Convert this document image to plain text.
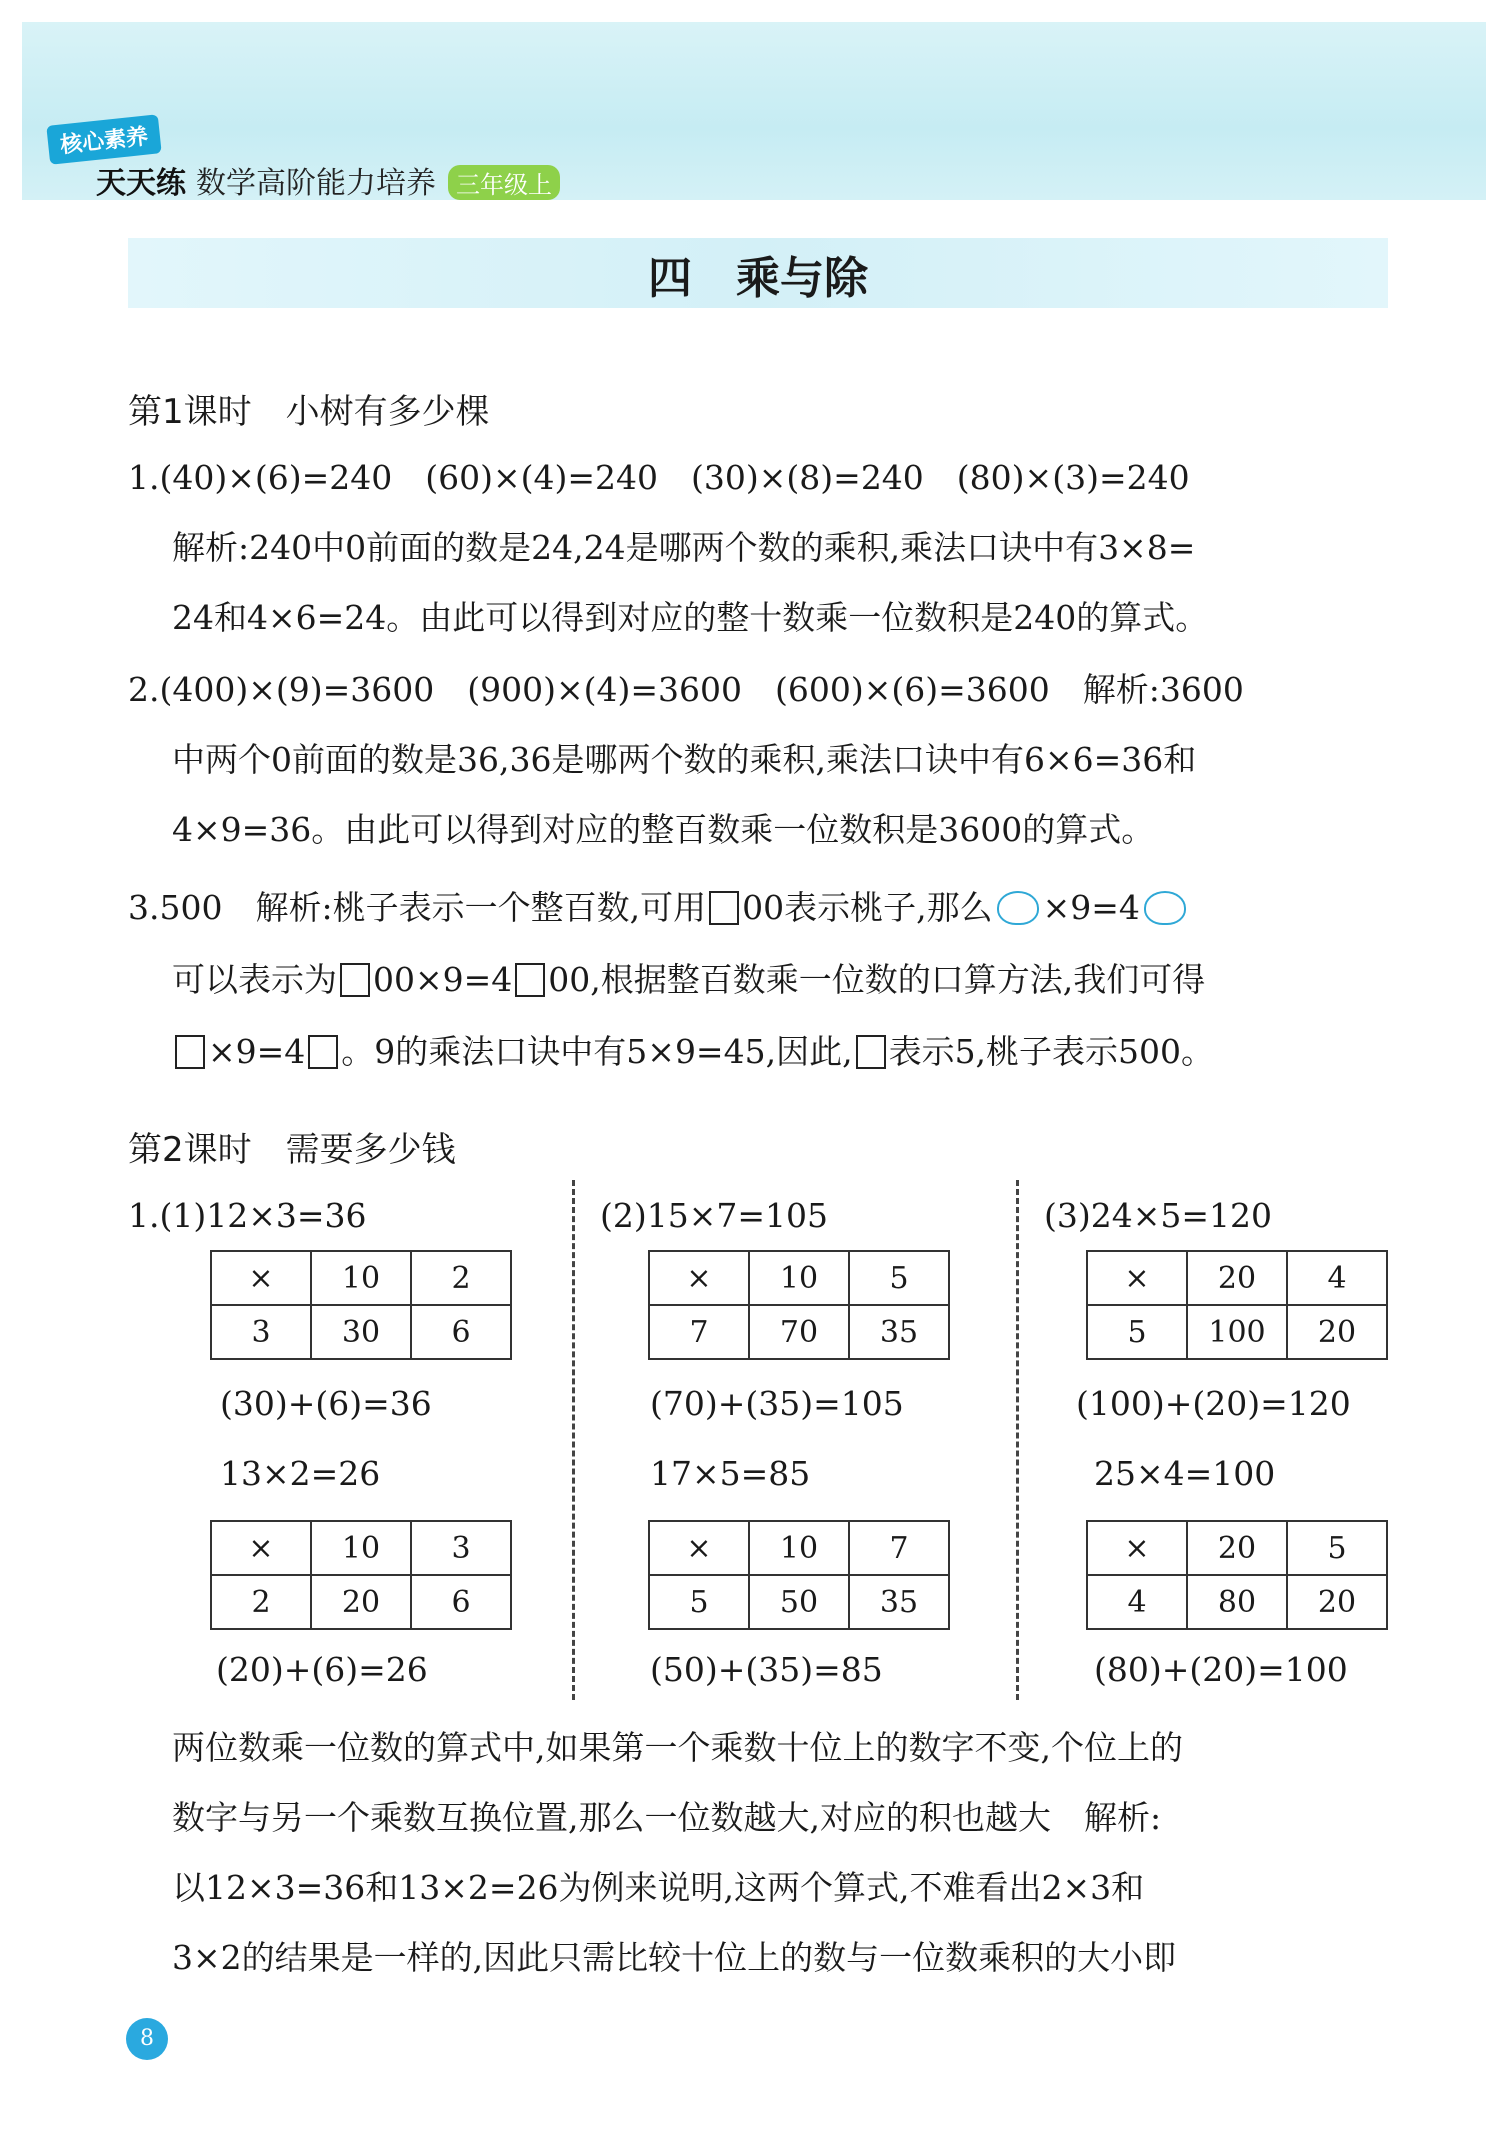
核心素养
天天练 数学高阶能力培养 三年级上
四　乘与除
第1课时　小树有多少棵
1.(40)×(6)=240　(60)×(4)=240　(30)×(8)=240　(80)×(3)=240
解析:240中0前面的数是24,24是哪两个数的乘积,乘法口诀中有3×8=
24和4×6=24。由此可以得到对应的整十数乘一位数积是240的算式。
2.(400)×(9)=3600　(900)×(4)=3600　(600)×(6)=3600　解析:3600
中两个0前面的数是36,36是哪两个数的乘积,乘法口诀中有6×6=36和
4×9=36。由此可以得到对应的整百数乘一位数积是3600的算式。
3.500　解析:桃子表示一个整百数,可用 00表示桃子,那么 ×9=4
可以表示为 00×9=4 00,根据整百数乘一位数的口算方法,我们可得
×9=4 。9的乘法口诀中有5×9=45,因此, 表示5,桃子表示500。
第2课时　需要多少钱
1.(1)12×3=36
×	10	2
3	30	6
(30)+(6)=36
13×2=26
×	10	3
2	20	6
(20)+(6)=26
(2)15×7=105
×	10	5
7	70	35
(70)+(35)=105
17×5=85
×	10	7
5	50	35
(50)+(35)=85
(3)24×5=120
×	20	4
5	100	20
(100)+(20)=120
25×4=100
×	20	5
4	80	20
(80)+(20)=100
两位数乘一位数的算式中,如果第一个乘数十位上的数字不变,个位上的
数字与另一个乘数互换位置,那么一位数越大,对应的积也越大　解析:
以12×3=36和13×2=26为例来说明,这两个算式,不难看出2×3和
3×2的结果是一样的,因此只需比较十位上的数与一位数乘积的大小即
8
